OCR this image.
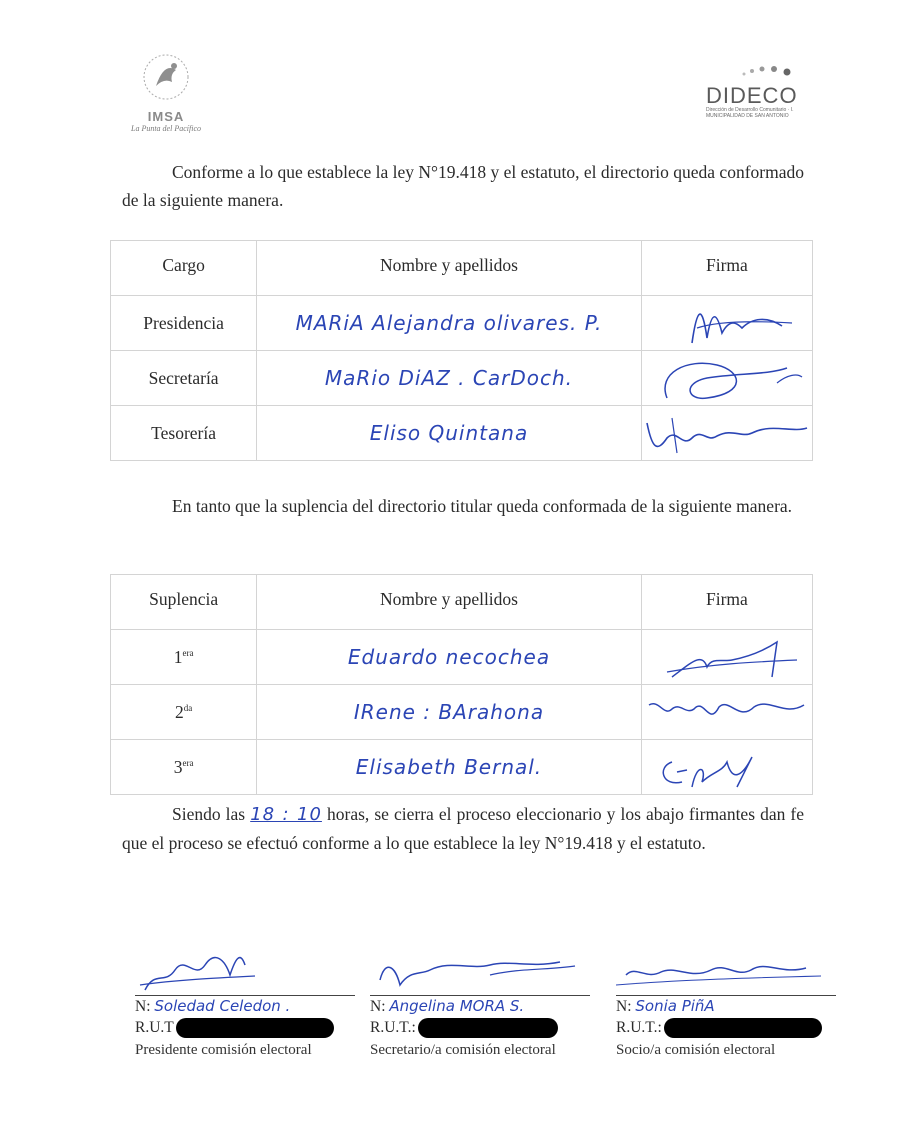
IMSA
La Punta del Pacífico
DIDECO
Dirección de Desarrollo Comunitario · I. MUNICIPALIDAD DE SAN ANTONIO
Conforme a lo que establece la ley N°19.418 y el estatuto, el directorio queda conformado de la siguiente manera.
Cargo	Nombre y apellidos	Firma
Presidencia	MARiA Alejandra olivares. P.	

Secretaría	MaRio DiAZ . CarDoch.	

Tesorería	Eliso Quintana	
En tanto que la suplencia del directorio titular queda conformada de la siguiente manera.
Suplencia	Nombre y apellidos	Firma
$1^{era}$	Eduardo necochea	

$2^{da}$	IRene : BArahona	

$3^{era}$	Elisabeth Bernal.	
Siendo las 18 : 10 horas, se cierra el proceso eleccionario y los abajo firmantes dan fe que el proceso se efectuó conforme a lo que establece la ley N°19.418 y el estatuto.
N: Soledad Celedon .
R.U.T
Presidente comisión electoral
N: Angelina MORA S.
R.U.T.:
Secretario/a comisión electoral
N: Sonia PiñA
R.U.T.:
Socio/a comisión electoral
